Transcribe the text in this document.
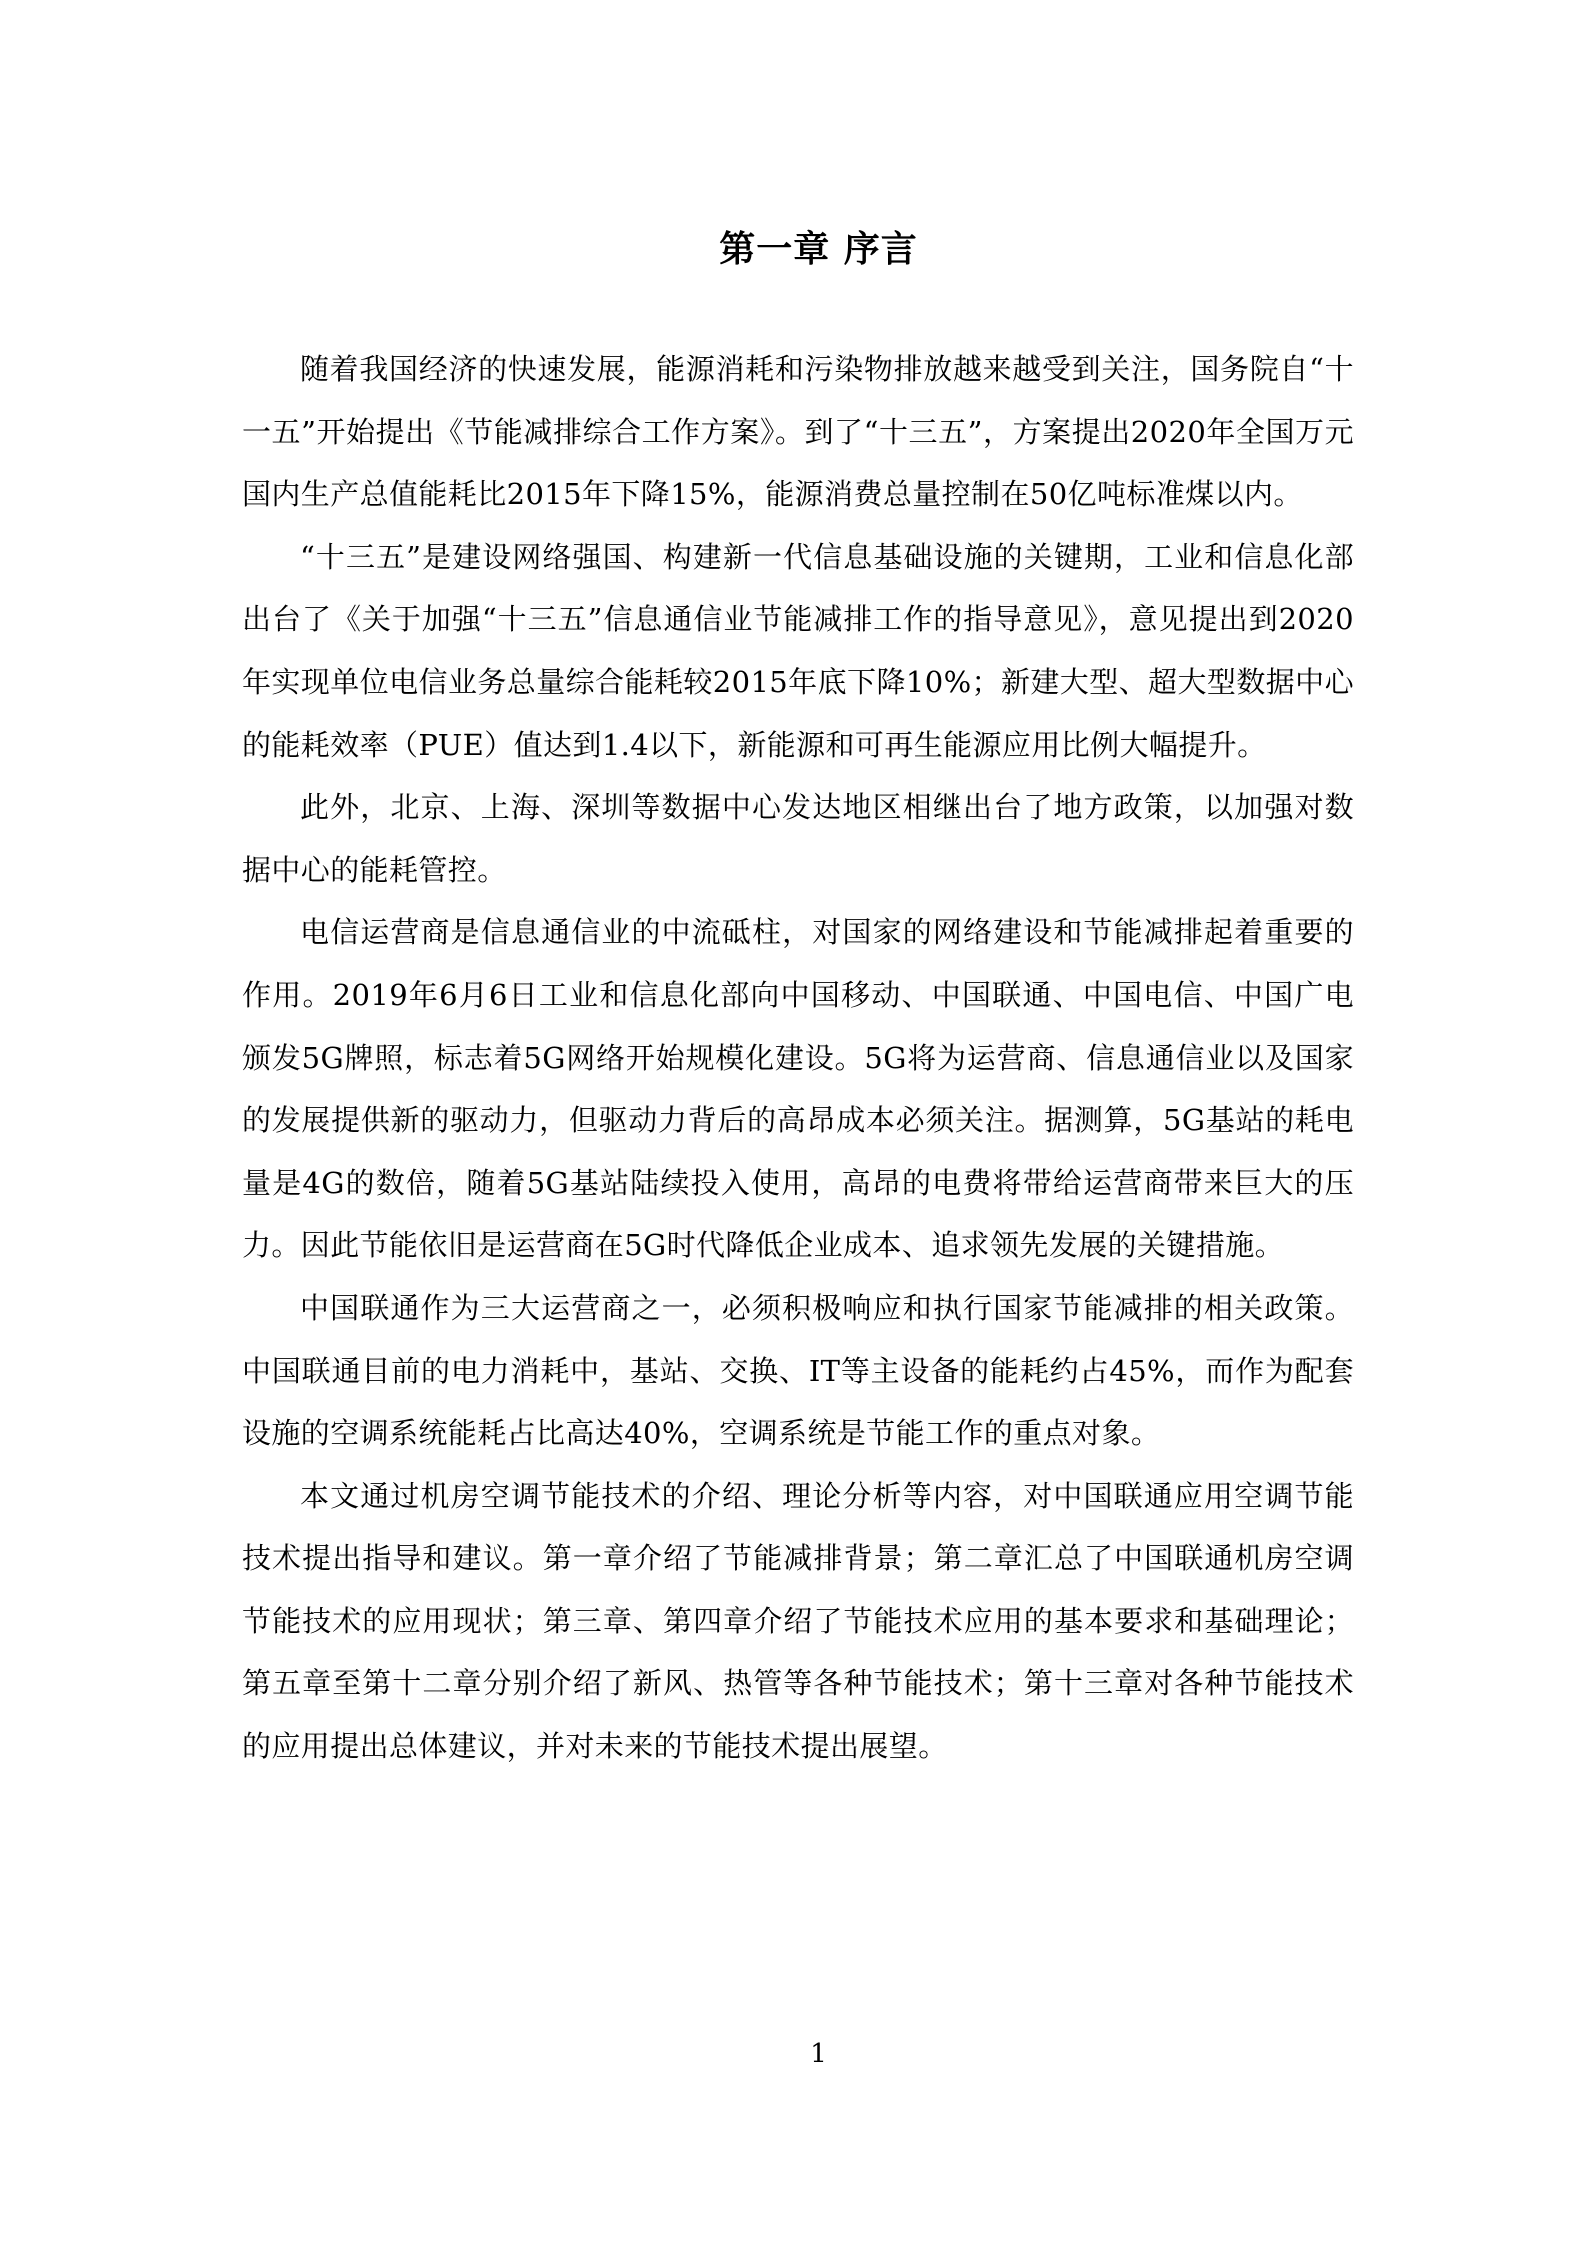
第一章 序言

随着我国经济的快速发展，能源消耗和污染物排放越来越受到关注，国务院自“十一五”开始提出《节能减排综合工作方案》。到了“十三五”，方案提出2020年全国万元国内生产总值能耗比2015年下降15%，能源消费总量控制在50亿吨标准煤以内。

“十三五”是建设网络强国、构建新一代信息基础设施的关键期，工业和信息化部出台了《关于加强“十三五”信息通信业节能减排工作的指导意见》，意见提出到2020年实现单位电信业务总量综合能耗较2015年底下降10%；新建大型、超大型数据中心的能耗效率（PUE）值达到1.4以下，新能源和可再生能源应用比例大幅提升。

此外，北京、上海、深圳等数据中心发达地区相继出台了地方政策，以加强对数据中心的能耗管控。

电信运营商是信息通信业的中流砥柱，对国家的网络建设和节能减排起着重要的作用。2019年6月6日工业和信息化部向中国移动、中国联通、中国电信、中国广电颁发5G牌照，标志着5G网络开始规模化建设。5G将为运营商、信息通信业以及国家的发展提供新的驱动力，但驱动力背后的高昂成本必须关注。据测算，5G基站的耗电量是4G的数倍，随着5G基站陆续投入使用，高昂的电费将带给运营商带来巨大的压力。因此节能依旧是运营商在5G时代降低企业成本、追求领先发展的关键措施。

中国联通作为三大运营商之一，必须积极响应和执行国家节能减排的相关政策。中国联通目前的电力消耗中，基站、交换、IT等主设备的能耗约占45%，而作为配套设施的空调系统能耗占比高达40%，空调系统是节能工作的重点对象。

本文通过机房空调节能技术的介绍、理论分析等内容，对中国联通应用空调节能技术提出指导和建议。第一章介绍了节能减排背景；第二章汇总了中国联通机房空调节能技术的应用现状；第三章、第四章介绍了节能技术应用的基本要求和基础理论；第五章至第十二章分别介绍了新风、热管等各种节能技术；第十三章对各种节能技术的应用提出总体建议，并对未来的节能技术提出展望。

1
